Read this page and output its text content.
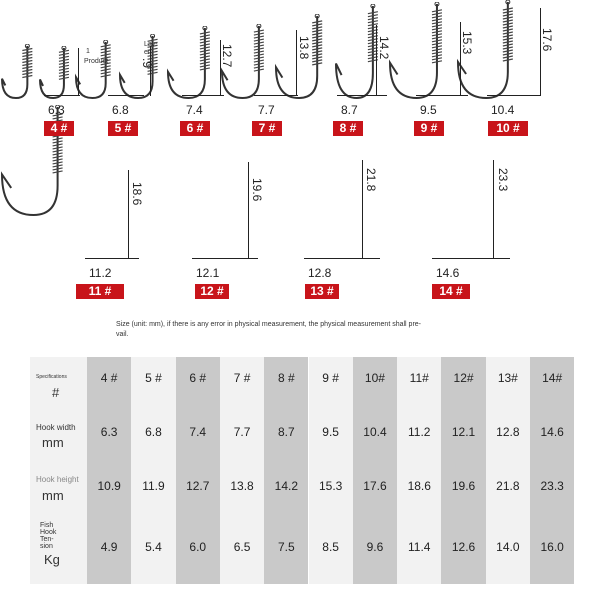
6.3
4 #
6.8
.9
5 #
7.4
12.7
6 #
7.7
13.8
7 #
8.7
14.2
8 #
9.5
15.3
9 #
10.4
17.6
10 #
11.2
18.6
11 #
12.1
19.6
12 #
12.8
21.8
13 #
14.6
23.3
14 #
1
Product
Lay-
er
Size (unit: mm), if there is any error in physical measurement, the physical measurement shall pre-
vail.
Specifications
#
Hook width
mm
Hook height
mm
Fish
Hook
Ten-
sion
Kg
4 #
6.3
10.9
4.9
5 #
6.8
11.9
5.4
6 #
7.4
12.7
6.0
7 #
7.7
13.8
6.5
8 #
8.7
14.2
7.5
9 #
9.5
15.3
8.5
10#
10.4
17.6
9.6
11#
11.2
18.6
11.4
12#
12.1
19.6
12.6
13#
12.8
21.8
14.0
14#
14.6
23.3
16.0
